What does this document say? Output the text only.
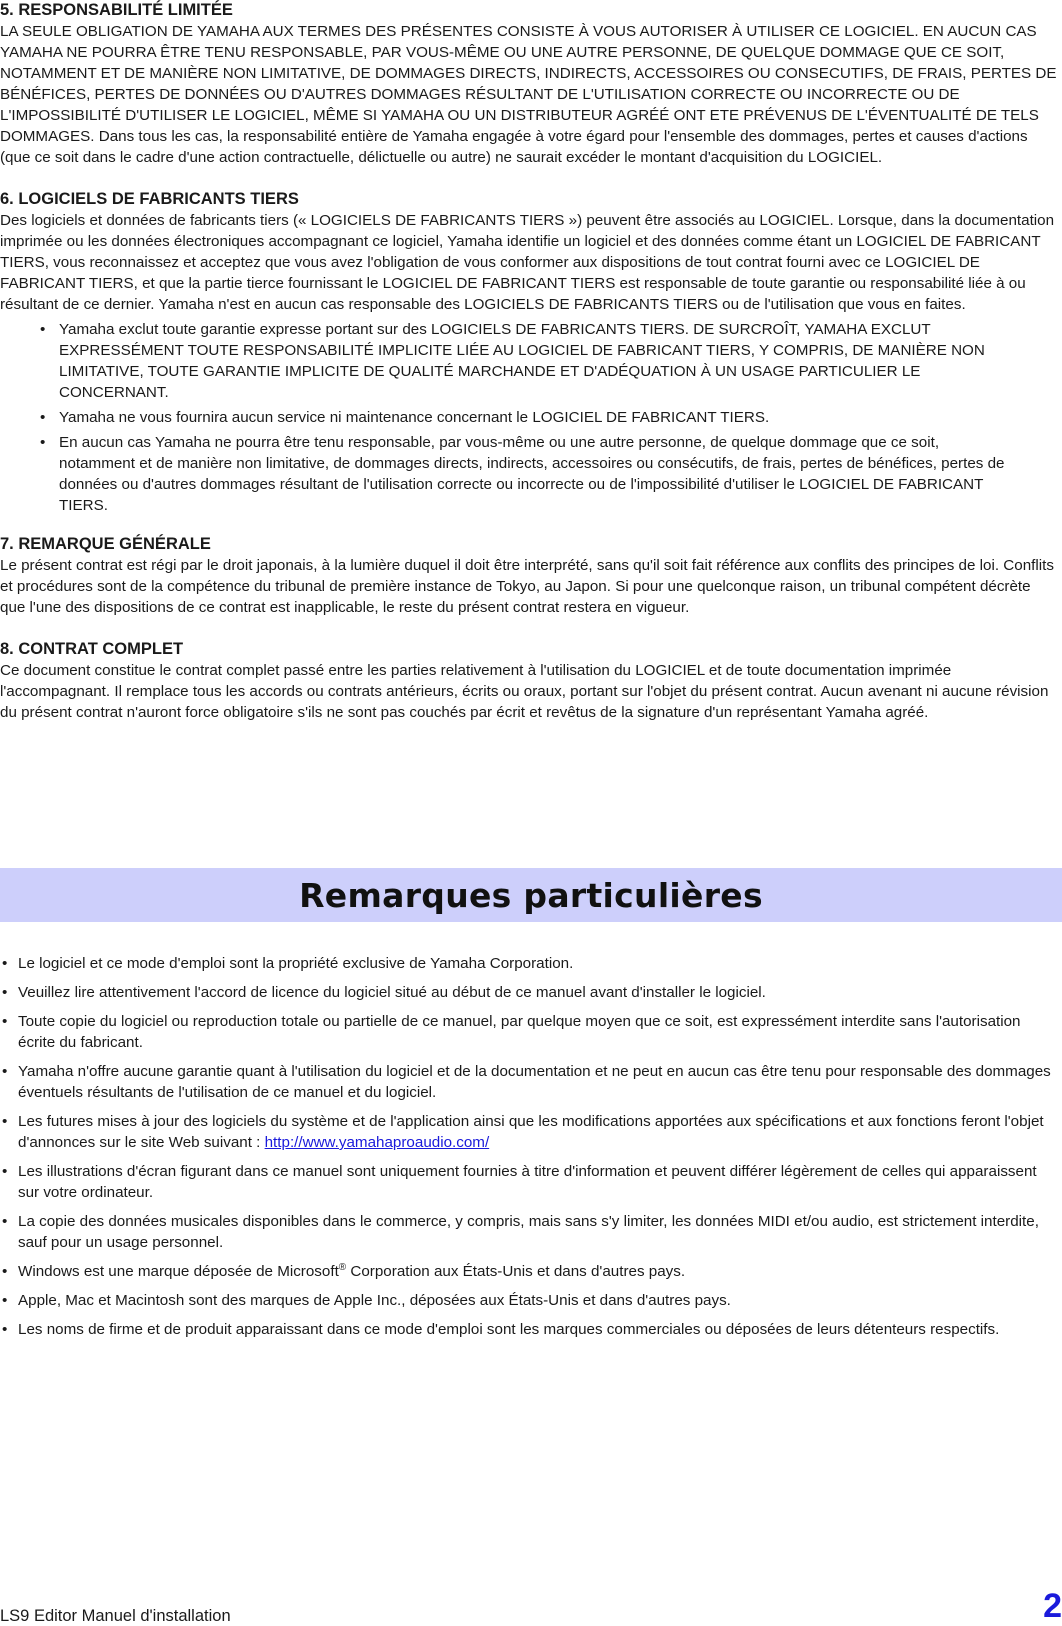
5. RESPONSABILITÉ LIMITÉE

LA SEULE OBLIGATION DE YAMAHA AUX TERMES DES PRÉSENTES CONSISTE À VOUS AUTORISER À UTILISER CE LOGICIEL. EN AUCUN CAS YAMAHA NE POURRA ÊTRE TENU RESPONSABLE, PAR VOUS-MÊME OU UNE AUTRE PERSONNE, DE QUELQUE DOMMAGE QUE CE SOIT, NOTAMMENT ET DE MANIÈRE NON LIMITATIVE, DE DOMMAGES DIRECTS, INDIRECTS, ACCESSOIRES OU CONSECUTIFS, DE FRAIS, PERTES DE BÉNÉFICES, PERTES DE DONNÉES OU D'AUTRES DOMMAGES RÉSULTANT DE L'UTILISATION CORRECTE OU INCORRECTE OU DE L'IMPOSSIBILITÉ D'UTILISER LE LOGICIEL, MÊME SI YAMAHA OU UN DISTRIBUTEUR AGRÉÉ ONT ETE PRÉVENUS DE L'ÉVENTUALITÉ DE TELS DOMMAGES. Dans tous les cas, la responsabilité entière de Yamaha engagée à votre égard pour l'ensemble des dommages, pertes et causes d'actions (que ce soit dans le cadre d'une action contractuelle, délictuelle ou autre) ne saurait excéder le montant d'acquisition du LOGICIEL.

6. LOGICIELS DE FABRICANTS TIERS

Des logiciels et données de fabricants tiers (« LOGICIELS DE FABRICANTS TIERS ») peuvent être associés au LOGICIEL. Lorsque, dans la documentation imprimée ou les données électroniques accompagnant ce logiciel, Yamaha identifie un logiciel et des données comme étant un LOGICIEL DE FABRICANT TIERS, vous reconnaissez et acceptez que vous avez l'obligation de vous conformer aux dispositions de tout contrat fourni avec ce LOGICIEL DE FABRICANT TIERS, et que la partie tierce fournissant le LOGICIEL DE FABRICANT TIERS est responsable de toute garantie ou responsabilité liée à ou résultant de ce dernier. Yamaha n'est en aucun cas responsable des LOGICIELS DE FABRICANTS TIERS ou de l'utilisation que vous en faites.

• Yamaha exclut toute garantie expresse portant sur des LOGICIELS DE FABRICANTS TIERS. DE SURCROÎT, YAMAHA EXCLUT EXPRESSÉMENT TOUTE RESPONSABILITÉ IMPLICITE LIÉE AU LOGICIEL DE FABRICANT TIERS, Y COMPRIS, DE MANIÈRE NON LIMITATIVE, TOUTE GARANTIE IMPLICITE DE QUALITÉ MARCHANDE ET D'ADÉQUATION À UN USAGE PARTICULIER LE CONCERNANT.
• Yamaha ne vous fournira aucun service ni maintenance concernant le LOGICIEL DE FABRICANT TIERS.
• En aucun cas Yamaha ne pourra être tenu responsable, par vous-même ou une autre personne, de quelque dommage que ce soit, notamment et de manière non limitative, de dommages directs, indirects, accessoires ou consécutifs, de frais, pertes de bénéfices, pertes de données ou d'autres dommages résultant de l'utilisation correcte ou incorrecte ou de l'impossibilité d'utiliser le LOGICIEL DE FABRICANT TIERS.
7. REMARQUE GÉNÉRALE

Le présent contrat est régi par le droit japonais, à la lumière duquel il doit être interprété, sans qu'il soit fait référence aux conflits des principes de loi. Conflits et procédures sont de la compétence du tribunal de première instance de Tokyo, au Japon. Si pour une quelconque raison, un tribunal compétent décrète que l'une des dispositions de ce contrat est inapplicable, le reste du présent contrat restera en vigueur.

8. CONTRAT COMPLET

Ce document constitue le contrat complet passé entre les parties relativement à l'utilisation du LOGICIEL et de toute documentation imprimée l'accompagnant. Il remplace tous les accords ou contrats antérieurs, écrits ou oraux, portant sur l'objet du présent contrat. Aucun avenant ni aucune révision du présent contrat n'auront force obligatoire s'ils ne sont pas couchés par écrit et revêtus de la signature d'un représentant Yamaha agréé.

Remarques particulières
• Le logiciel et ce mode d'emploi sont la propriété exclusive de Yamaha Corporation.
• Veuillez lire attentivement l'accord de licence du logiciel situé au début de ce manuel avant d'installer le logiciel.
• Toute copie du logiciel ou reproduction totale ou partielle de ce manuel, par quelque moyen que ce soit, est expressément interdite sans l'autorisation écrite du fabricant.
• Yamaha n'offre aucune garantie quant à l'utilisation du logiciel et de la documentation et ne peut en aucun cas être tenu pour responsable des dommages éventuels résultants de l'utilisation de ce manuel et du logiciel.
• Les futures mises à jour des logiciels du système et de l'application ainsi que les modifications apportées aux spécifications et aux fonctions feront l'objet d'annonces sur le site Web suivant : http://www.yamahaproaudio.com/
• Les illustrations d'écran figurant dans ce manuel sont uniquement fournies à titre d'information et peuvent différer légèrement de celles qui apparaissent sur votre ordinateur.
• La copie des données musicales disponibles dans le commerce, y compris, mais sans s'y limiter, les données MIDI et/ou audio, est strictement interdite, sauf pour un usage personnel.
• Windows est une marque déposée de Microsoft® Corporation aux États-Unis et dans d'autres pays.
• Apple, Mac et Macintosh sont des marques de Apple Inc., déposées aux États-Unis et dans d'autres pays.
• Les noms de firme et de produit apparaissant dans ce mode d'emploi sont les marques commerciales ou déposées de leurs détenteurs respectifs.
LS9 Editor Manuel d'installation	2
